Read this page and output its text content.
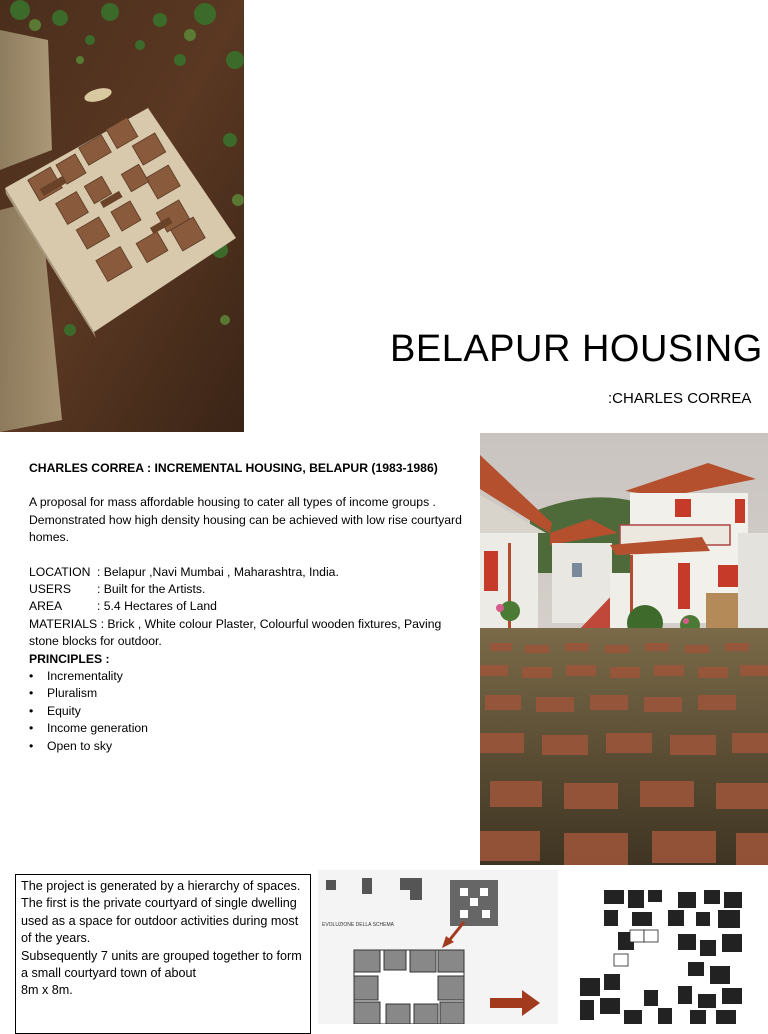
BELAPUR HOUSING
:CHARLES CORREA

CHARLES CORREA : INCREMENTAL HOUSING, BELAPUR (1983-1986)

A proposal for mass affordable housing to cater all types of income groups . Demonstrated how high density housing can be achieved with low rise courtyard homes.

LOCATION : Belapur ,Navi Mumbai , Maharashtra, India.
USERS	: Built for the Artists.
AREA	: 5.4 Hectares of Land
MATERIALS : Brick , White colour Plaster, Colourful wooden fixtures, Paving stone blocks for outdoor.

PRINCIPLES :

• Incrementality
• Pluralism
• Equity
• Income generation
• Open to sky

The project is generated by a hierarchy of spaces.

The first is the private courtyard of single dwelling used as a space for outdoor activities during most of the years.

Subsequently 7 units are grouped together to form a small courtyard town of about

8m x 8m.

EVOLUZIONE DELLA SCHEMA
